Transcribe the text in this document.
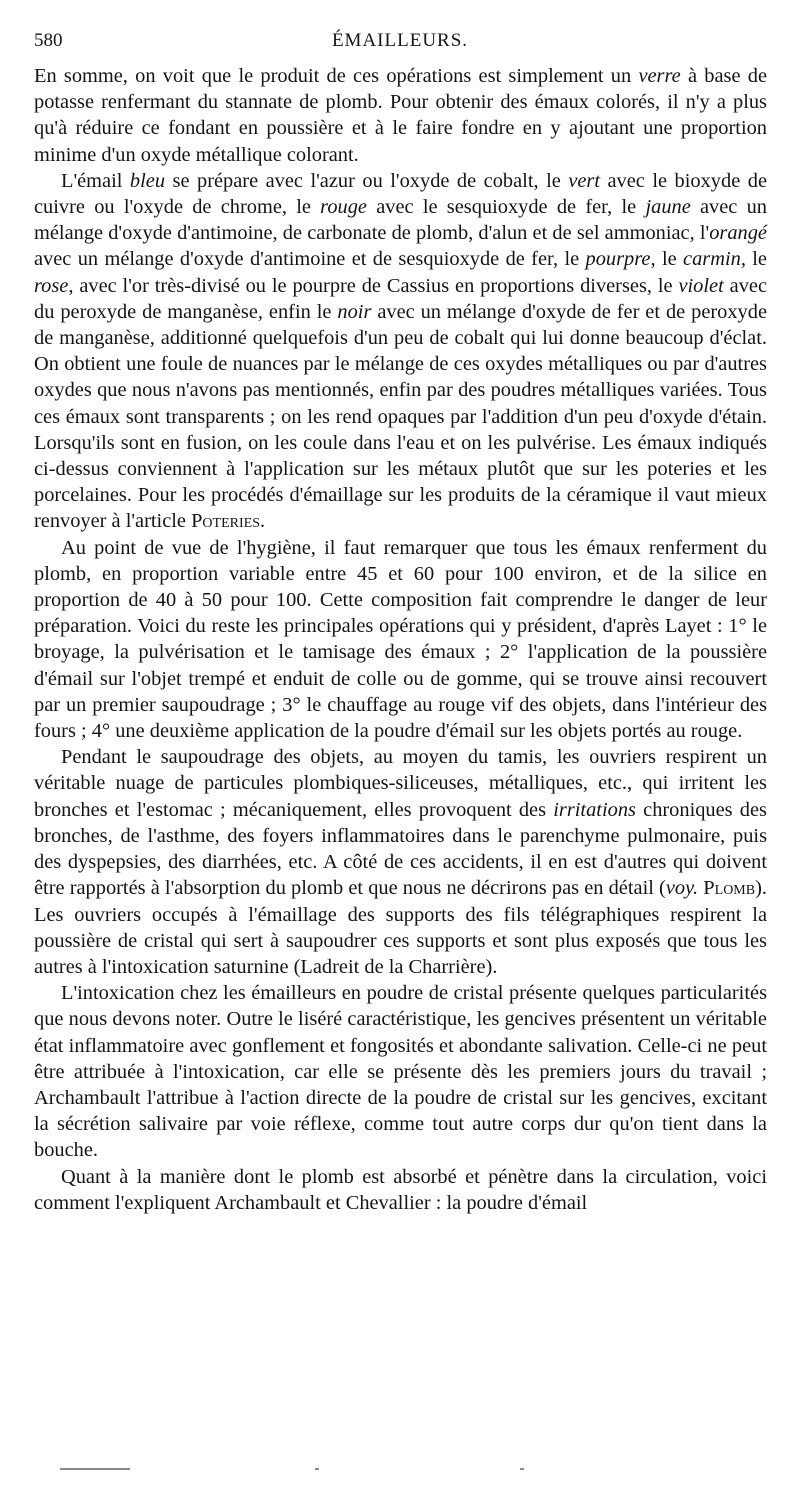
580	ÉMAILLEURS.

En somme, on voit que le produit de ces opérations est simplement un verre à base de potasse renfermant du stannate de plomb. Pour obtenir des émaux colorés, il n'y a plus qu'à réduire ce fondant en poussière et à le faire fondre en y ajoutant une proportion minime d'un oxyde métallique colorant.

L'émail bleu se prépare avec l'azur ou l'oxyde de cobalt, le vert avec le bioxyde de cuivre ou l'oxyde de chrome, le rouge avec le sesquioxyde de fer, le jaune avec un mélange d'oxyde d'antimoine, de carbonate de plomb, d'alun et de sel ammoniac, l'orangé avec un mélange d'oxyde d'antimoine et de sesquioxyde de fer, le pourpre, le carmin, le rose, avec l'or très-divisé ou le pourpre de Cassius en proportions diverses, le violet avec du peroxyde de manganèse, enfin le noir avec un mélange d'oxyde de fer et de peroxyde de manganèse, additionné quelquefois d'un peu de cobalt qui lui donne beaucoup d'éclat. On obtient une foule de nuances par le mélange de ces oxydes métalliques ou par d'autres oxydes que nous n'avons pas mentionnés, enfin par des poudres métalliques variées. Tous ces émaux sont transparents ; on les rend opaques par l'addition d'un peu d'oxyde d'étain. Lorsqu'ils sont en fusion, on les coule dans l'eau et on les pulvérise. Les émaux indiqués ci-dessus conviennent à l'application sur les métaux plutôt que sur les poteries et les porcelaines. Pour les procédés d'émaillage sur les produits de la céramique il vaut mieux renvoyer à l'article Poteries.

Au point de vue de l'hygiène, il faut remarquer que tous les émaux renferment du plomb, en proportion variable entre 45 et 60 pour 100 environ, et de la silice en proportion de 40 à 50 pour 100. Cette composition fait comprendre le danger de leur préparation. Voici du reste les principales opérations qui y président, d'après Layet : 1° le broyage, la pulvérisation et le tamisage des émaux ; 2° l'application de la poussière d'émail sur l'objet trempé et enduit de colle ou de gomme, qui se trouve ainsi recouvert par un premier saupoudrage ; 3° le chauffage au rouge vif des objets, dans l'intérieur des fours ; 4° une deuxième application de la poudre d'émail sur les objets portés au rouge.

Pendant le saupoudrage des objets, au moyen du tamis, les ouvriers respirent un véritable nuage de particules plombiques-siliceuses, métalliques, etc., qui irritent les bronches et l'estomac ; mécaniquement, elles provoquent des irritations chroniques des bronches, de l'asthme, des foyers inflammatoires dans le parenchyme pulmonaire, puis des dyspepsies, des diarrhées, etc. A côté de ces accidents, il en est d'autres qui doivent être rapportés à l'absorption du plomb et que nous ne décrirons pas en détail (voy. Plomb). Les ouvriers occupés à l'émaillage des supports des fils télégraphiques respirent la poussière de cristal qui sert à saupoudrer ces supports et sont plus exposés que tous les autres à l'intoxication saturnine (Ladreit de la Charrière).

L'intoxication chez les émailleurs en poudre de cristal présente quelques particularités que nous devons noter. Outre le liséré caractéristique, les gencives présentent un véritable état inflammatoire avec gonflement et fongosités et abondante salivation. Celle-ci ne peut être attribuée à l'intoxication, car elle se présente dès les premiers jours du travail ; Archambault l'attribue à l'action directe de la poudre de cristal sur les gencives, excitant la sécrétion salivaire par voie réflexe, comme tout autre corps dur qu'on tient dans la bouche.

Quant à la manière dont le plomb est absorbé et pénètre dans la circulation, voici comment l'expliquent Archambault et Chevallier : la poudre d'émail
